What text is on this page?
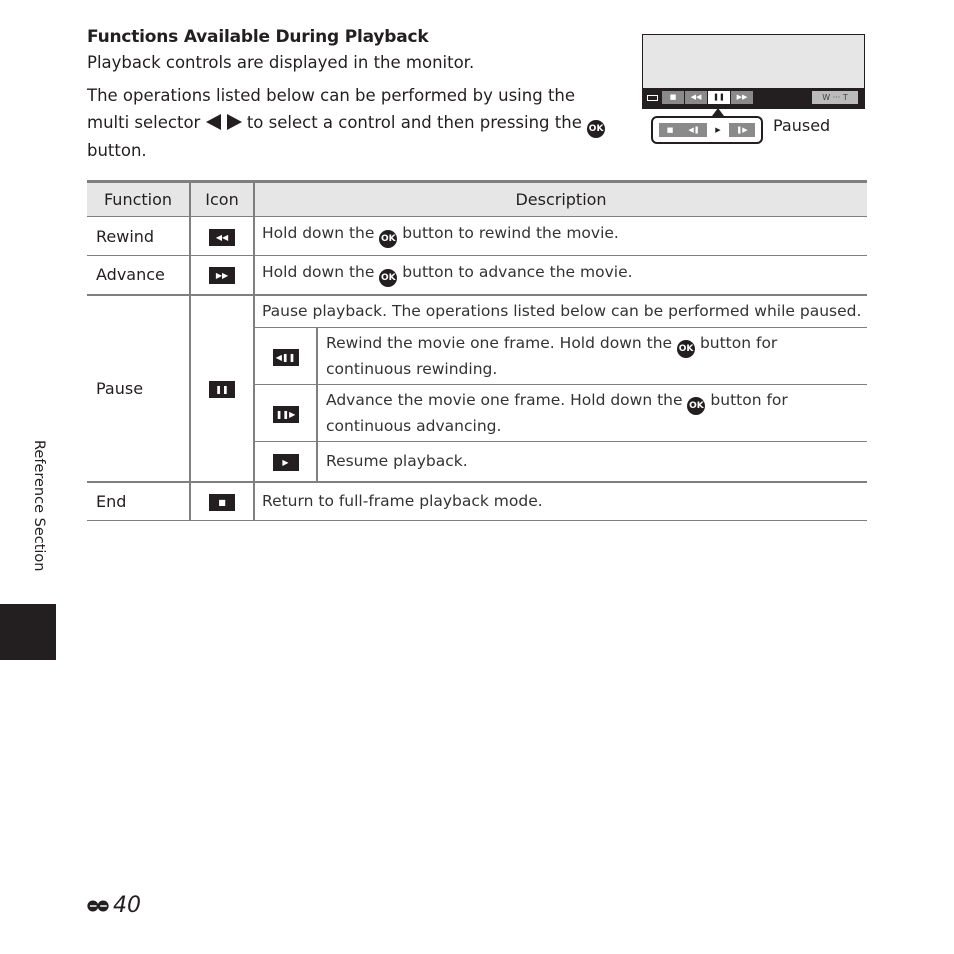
Functions Available During Playback
Playback controls are displayed in the monitor.
The operations listed below can be performed by using the multi selector	to select a control and then pressing the OK button.
■	◀◀	❚❚	▶▶	W ··· T
■	◀❚	▶	❚▶	Paused
Function	Icon	Description	
Rewind	◀◀	Hold down the OK button to rewind the movie.	
Advance	▶▶	Hold down the OK button to advance the movie.	
Pause	❚❚	Pause playback. The operations listed below can be performed while paused.	
		◀❚❚	Rewind the movie one frame. Hold down the OK button for continuous rewinding.
		❚❚▶	Advance the movie one frame. Hold down the OK button for continuous advancing.
		▶	Resume playback.
End	■	Return to full-frame playback mode.	
Reference Section
40
